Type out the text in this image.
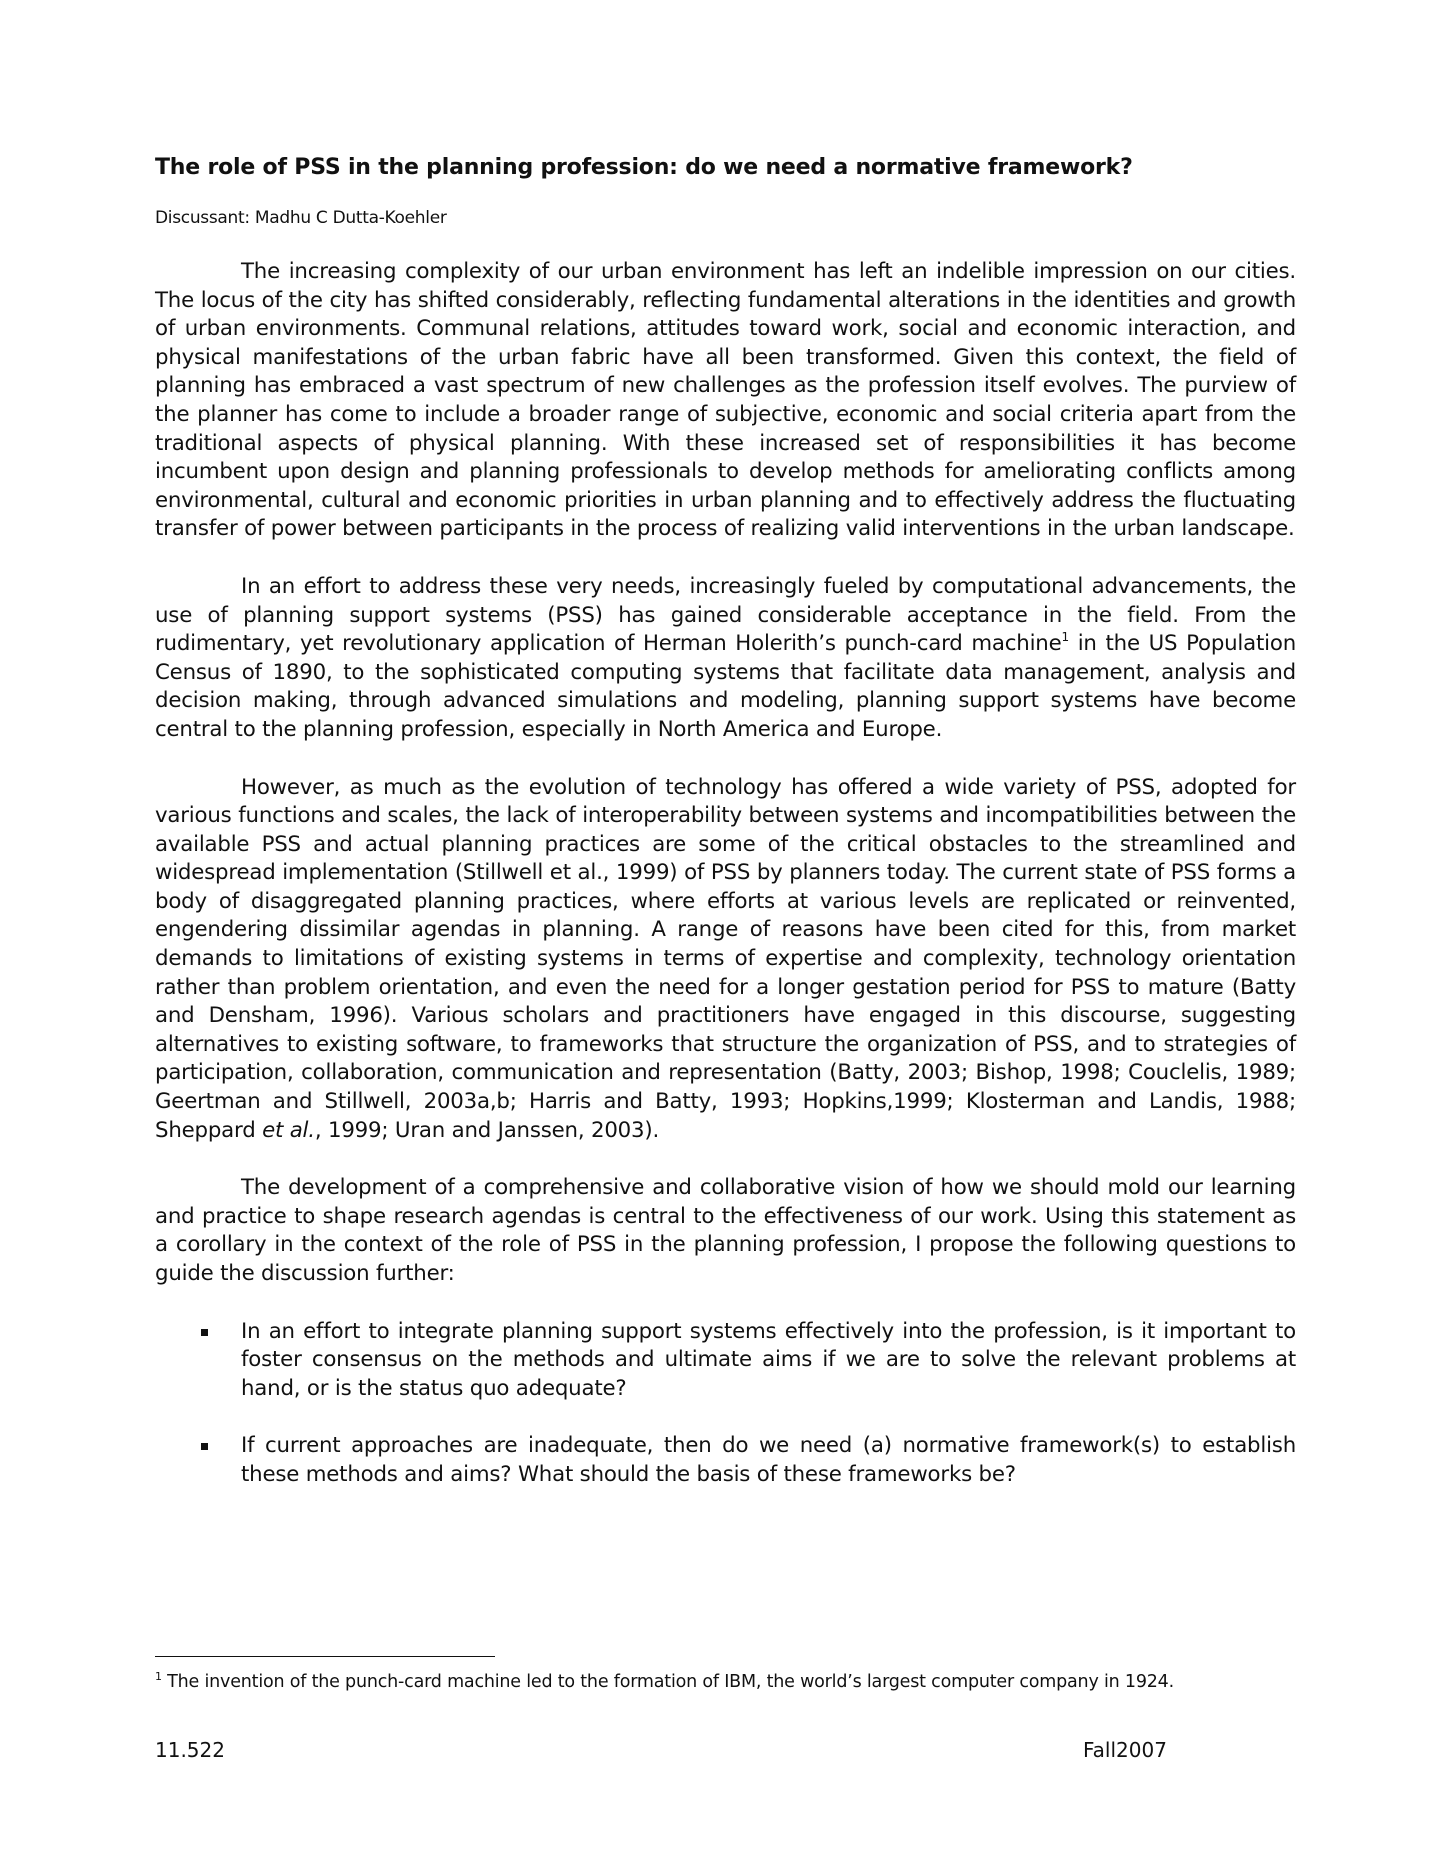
The role of PSS in the planning profession: do we need a normative framework?

Discussant: Madhu C Dutta-Koehler

The increasing complexity of our urban environment has left an indelible impression on our cities. The locus of the city has shifted considerably, reflecting fundamental alterations in the identities and growth of urban environments. Communal relations, attitudes toward work, social and economic interaction, and physical manifestations of the urban fabric have all been transformed. Given this context, the field of planning has embraced a vast spectrum of new challenges as the profession itself evolves. The purview of the planner has come to include a broader range of subjective, economic and social criteria apart from the traditional aspects of physical planning. With these increased set of responsibilities it has become incumbent upon design and planning professionals to develop methods for ameliorating conflicts among environmental, cultural and economic priorities in urban planning and to effectively address the fluctuating transfer of power between participants in the process of realizing valid interventions in the urban landscape.

In an effort to address these very needs, increasingly fueled by computational advancements, the use of planning support systems (PSS) has gained considerable acceptance in the field. From the rudimentary, yet revolutionary application of Herman Holerith’s punch-card machine$^1$ in the US Population Census of 1890, to the sophisticated computing systems that facilitate data management, analysis and decision making, through advanced simulations and modeling, planning support systems have become central to the planning profession, especially in North America and Europe.

However, as much as the evolution of technology has offered a wide variety of PSS, adopted for various functions and scales, the lack of interoperability between systems and incompatibilities between the available PSS and actual planning practices are some of the critical obstacles to the streamlined and widespread implementation (Stillwell et al., 1999) of PSS by planners today. The current state of PSS forms a body of disaggregated planning practices, where efforts at various levels are replicated or reinvented, engendering dissimilar agendas in planning. A range of reasons have been cited for this, from market demands to limitations of existing systems in terms of expertise and complexity, technology orientation rather than problem orientation, and even the need for a longer gestation period for PSS to mature (Batty and Densham, 1996). Various scholars and practitioners have engaged in this discourse, suggesting alternatives to existing software, to frameworks that structure the organization of PSS, and to strategies of participation, collaboration, communication and representation (Batty, 2003; Bishop, 1998; Couclelis, 1989; Geertman and Stillwell, 2003a,b; Harris and Batty, 1993; Hopkins,1999; Klosterman and Landis, 1988; Sheppard et al., 1999; Uran and Janssen, 2003).

The development of a comprehensive and collaborative vision of how we should mold our learning and practice to shape research agendas is central to the effectiveness of our work. Using this statement as a corollary in the context of the role of PSS in the planning profession, I propose the following questions to guide the discussion further:

In an effort to integrate planning support systems effectively into the profession, is it important to foster consensus on the methods and ultimate aims if we are to solve the relevant problems at hand, or is the status quo adequate?
If current approaches are inadequate, then do we need (a) normative framework(s) to establish these methods and aims? What should the basis of these frameworks be?

$^1$ The invention of the punch-card machine led to the formation of IBM, the world’s largest computer company in 1924.

11.522	Fall2007
